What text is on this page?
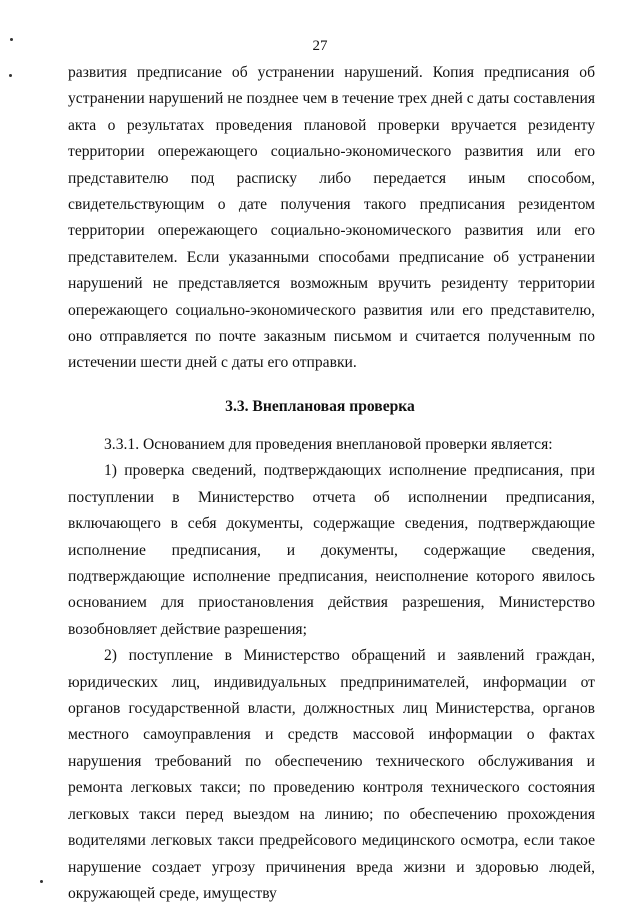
27

развития предписание об устранении нарушений. Копия предписания об устранении нарушений не позднее чем в течение трех дней с даты составления акта о результатах проведения плановой проверки вручается резиденту территории опережающего социально-экономического развития или его представителю под расписку либо передается иным способом, свидетельствующим о дате получения такого предписания резидентом территории опережающего социально-экономического развития или его представителем. Если указанными способами предписание об устранении нарушений не представляется возможным вручить резиденту территории опережающего социально-экономического развития или его представителю, оно отправляется по почте заказным письмом и считается полученным по истечении шести дней с даты его отправки.

3.3. Внеплановая проверка

3.3.1. Основанием для проведения внеплановой проверки является:

1) проверка сведений, подтверждающих исполнение предписания, при поступлении в Министерство отчета об исполнении предписания, включающего в себя документы, содержащие сведения, подтверждающие исполнение предписания, и документы, содержащие сведения, подтверждающие исполнение предписания, неисполнение которого явилось основанием для приостановления действия разрешения, Министерство возобновляет действие разрешения;

2) поступление в Министерство обращений и заявлений граждан, юридических лиц, индивидуальных предпринимателей, информации от органов государственной власти, должностных лиц Министерства, органов местного самоуправления и средств массовой информации о фактах нарушения требований по обеспечению технического обслуживания и ремонта легковых такси; по проведению контроля технического состояния легковых такси перед выездом на линию; по обеспечению прохождения водителями легковых такси предрейсового медицинского осмотра, если такое нарушение создает угрозу причинения вреда жизни и здоровью людей, окружающей среде, имуществу
